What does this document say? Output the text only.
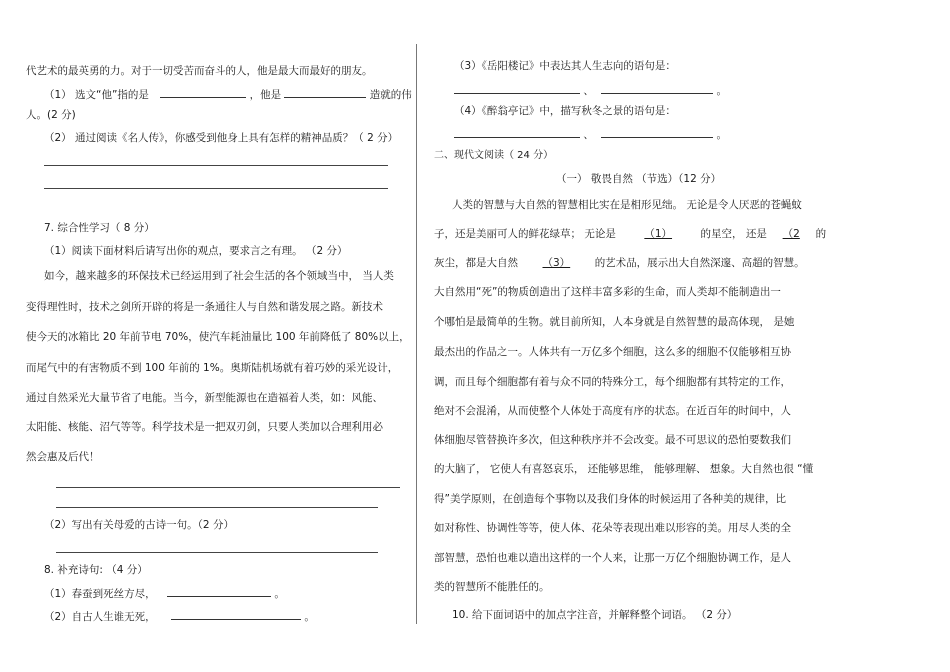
代艺术的最英勇的力。对于一切受苦而奋斗的人，他是最大而最好的朋友。
（1） 选文“他”指的是	，他是	造就的伟
人。(2 分)
（2） 通过阅读《名人传》，你感受到他身上具有怎样的精神品质？（ 2 分）
7. 综合性学习（ 8 分）
（1）阅读下面材料后请写出你的观点，要求言之有理。 （2 分）
如今，越来越多的环保技术已经运用到了社会生活的各个领域当中， 当人类
变得理性时，技术之剑所开辟的将是一条通往人与自然和谐发展之路。新技术
使今天的冰箱比 20 年前节电 70%，使汽车耗油量比 100 年前降低了 80%以上，
而尾气中的有害物质不到 100 年前的 1%。奥斯陆机场就有着巧妙的采光设计，
通过自然采光大量节省了电能。当今，新型能源也在造福着人类，如：风能、
太阳能、核能、沼气等等。科学技术是一把双刃剑，只要人类加以合理利用必
然会惠及后代！
（2）写出有关母爱的古诗一句。（2 分）
8. 补充诗句: （4 分）
（1）春蚕到死丝方尽，	。
（2）自古人生谁无死，	。
（3）《岳阳楼记》中表达其人生志向的语句是：
、	。
（4）《醉翁亭记》中，描写秋冬之景的语句是：
、	。
二、现代文阅读（ 24 分）
（一） 敬畏自然 （节选）（12 分）
人类的智慧与大自然的智慧相比实在是相形见绌。 无论是令人厌恶的苍蝇蚊
子，还是美丽可人的鲜花绿草； 无论是	（1）	的星空， 还是 （2 的
灰尘，都是大自然 （3） 的艺术品，展示出大自然深邃、高超的智慧。
大自然用“死”的物质创造出了这样丰富多彩的生命，而人类却不能制造出一
个哪怕是最简单的生物。就目前所知，人本身就是自然智慧的最高体现， 是她
最杰出的作品之一。人体共有一万亿多个细胞，这么多的细胞不仅能够相互协
调，而且每个细胞都有着与众不同的特殊分工，每个细胞都有其特定的工作，
绝对不会混淆，从而使整个人体处于高度有序的状态。在近百年的时间中，人
体细胞尽管替换许多次，但这种秩序并不会改变。最不可思议的恐怕要数我们
的大脑了， 它使人有喜怒哀乐， 还能够思维， 能够理解、 想象。大自然也很 “懂
得”美学原则，在创造每个事物以及我们身体的时候运用了各种美的规律，比
如对称性、协调性等等，使人体、花朵等表现出难以形容的美。用尽人类的全
部智慧，恐怕也难以造出这样的一个人来，让那一万亿个细胞协调工作，是人
类的智慧所不能胜任的。
10. 给下面词语中的加点字注音，并解释整个词语。 （2 分）
